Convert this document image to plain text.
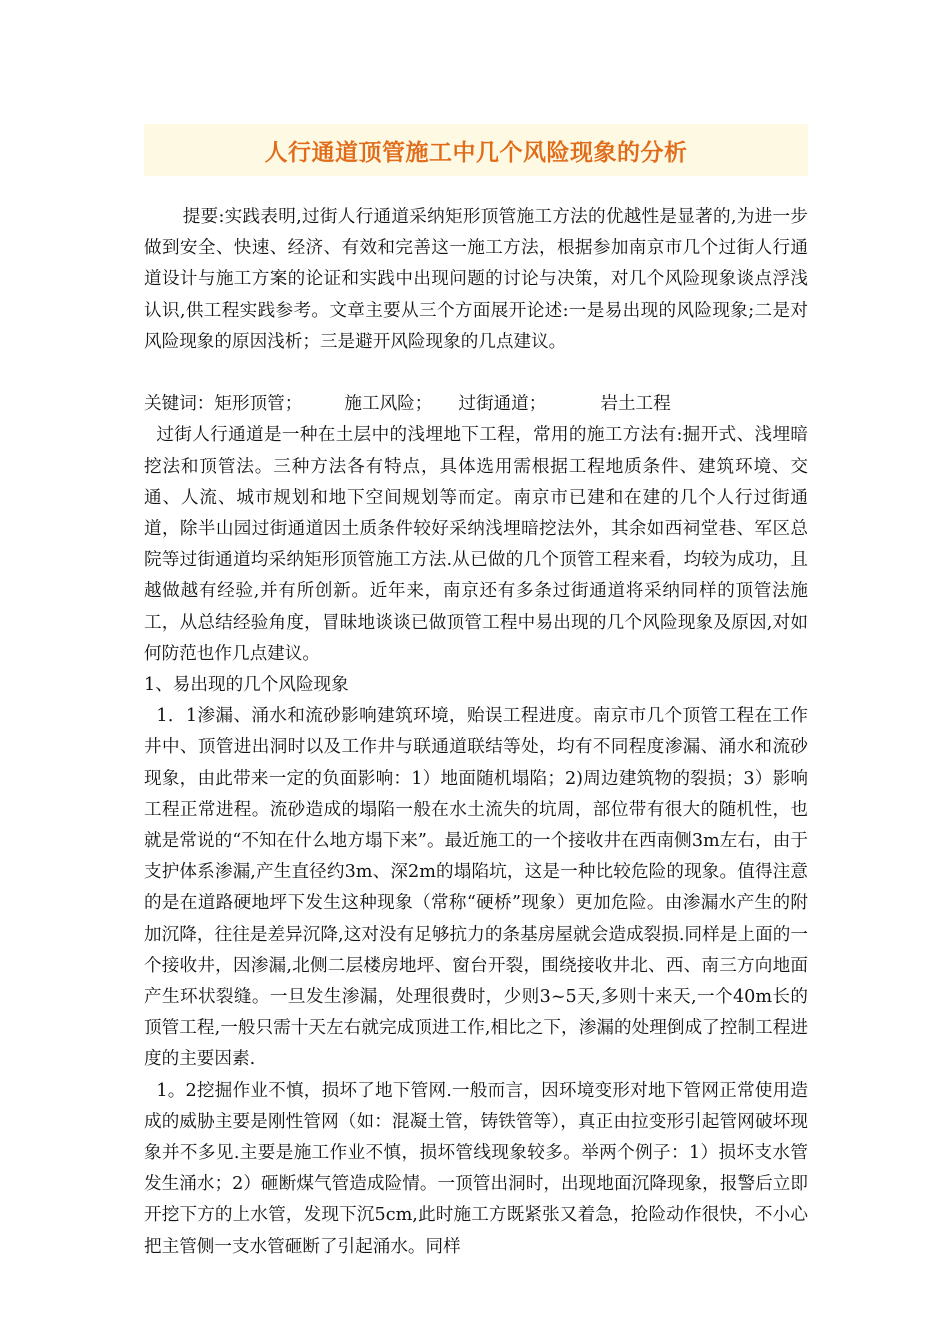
人行通道顶管施工中几个风险现象的分析

提要:实践表明,过街人行通道采纳矩形顶管施工方法的优越性是显著的,为进一步做到安全、快速、经济、有效和完善这一施工方法，根据参加南京市几个过街人行通道设计与施工方案的论证和实践中出现问题的讨论与决策，对几个风险现象谈点浮浅认识,供工程实践参考。文章主要从三个方面展开论述:一是易出现的风险现象;二是对风险现象的原因浅析；三是避开风险现象的几点建议。

关键词：矩形顶管； 施工风险； 过街通道；	岩土工程

过街人行通道是一种在土层中的浅埋地下工程，常用的施工方法有:掘开式、浅埋暗挖法和顶管法。三种方法各有特点，具体选用需根据工程地质条件、建筑环境、交通、人流、城市规划和地下空间规划等而定。南京市已建和在建的几个人行过街通道，除半山园过街通道因土质条件较好采纳浅埋暗挖法外，其余如西祠堂巷、军区总院等过街通道均采纳矩形顶管施工方法.从已做的几个顶管工程来看，均较为成功，且越做越有经验,并有所创新。近年来，南京还有多条过街通道将采纳同样的顶管法施工，从总结经验角度，冒昧地谈谈已做顶管工程中易出现的几个风险现象及原因,对如何防范也作几点建议。

1、易出现的几个风险现象

1．1渗漏、涌水和流砂影响建筑环境，贻误工程进度。南京市几个顶管工程在工作井中、顶管进出洞时以及工作井与联通道联结等处，均有不同程度渗漏、涌水和流砂现象，由此带来一定的负面影响：1）地面随机塌陷；2)周边建筑物的裂损；3）影响工程正常进程。流砂造成的塌陷一般在水土流失的坑周，部位带有很大的随机性，也就是常说的“不知在什么地方塌下来”。最近施工的一个接收井在西南侧3m左右，由于支护体系渗漏,产生直径约3m、深2m的塌陷坑，这是一种比较危险的现象。值得注意的是在道路硬地坪下发生这种现象（常称“硬桥”现象）更加危险。由渗漏水产生的附加沉降，往往是差异沉降,这对没有足够抗力的条基房屋就会造成裂损.同样是上面的一个接收井，因渗漏,北侧二层楼房地坪、窗台开裂，围绕接收井北、西、南三方向地面产生环状裂缝。一旦发生渗漏，处理很费时，少则3~5天,多则十来天,一个40m长的顶管工程,一般只需十天左右就完成顶进工作,相比之下，渗漏的处理倒成了控制工程进度的主要因素.

1。2挖掘作业不慎，损坏了地下管网.一般而言，因环境变形对地下管网正常使用造成的威胁主要是刚性管网（如：混凝土管，铸铁管等），真正由拉变形引起管网破坏现象并不多见.主要是施工作业不慎，损坏管线现象较多。举两个例子：1）损坏支水管发生涌水；2）砸断煤气管造成险情。一顶管出洞时，出现地面沉降现象，报警后立即开挖下方的上水管，发现下沉5cm,此时施工方既紧张又着急，抢险动作很快，不小心把主管侧一支水管砸断了引起涌水。同样
